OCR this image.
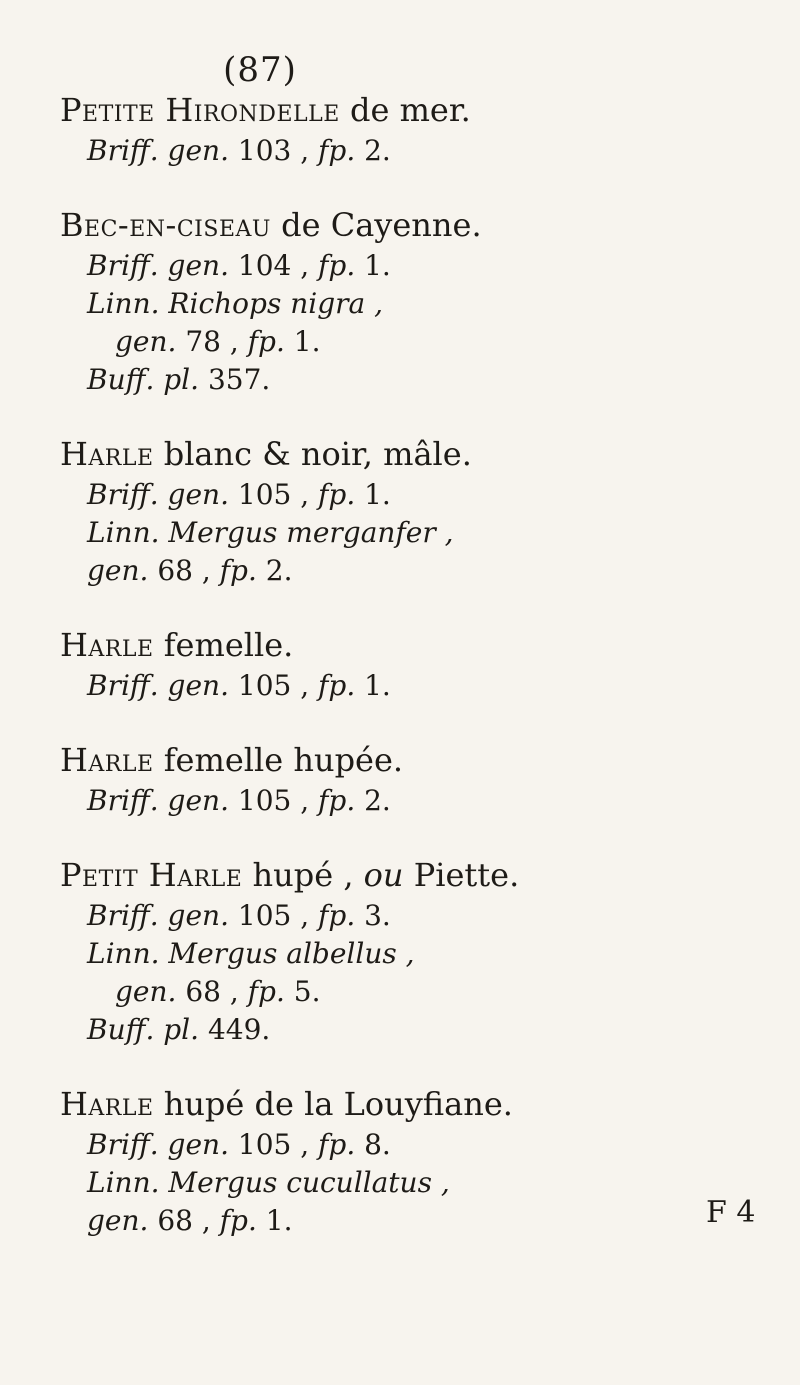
(87)
Petite Hirondelle de mer.
Briff. gen. 103 , fp. 2.
Bec-en-ciseau de Cayenne.
Briff. gen. 104 , fp. 1.
Linn. Richops nigra ,
gen. 78 , fp. 1.
Buff. pl. 357.
Harle blanc & noir, mâle.
Briff. gen. 105 , fp. 1.
Linn. Mergus merganfer ,
gen. 68 , fp. 2.
Harle femelle.
Briff. gen. 105 , fp. 1.
Harle femelle hupée.
Briff. gen. 105 , fp. 2.
Petit Harle hupé , ou Piette.
Briff. gen. 105 , fp. 3.
Linn. Mergus albellus ,
gen. 68 , fp. 5.
Buff. pl. 449.
Harle hupé de la Louyfiane.
Briff. gen. 105 , fp. 8.
Linn. Mergus cucullatus ,
gen. 68 , fp. 1.	F 4
